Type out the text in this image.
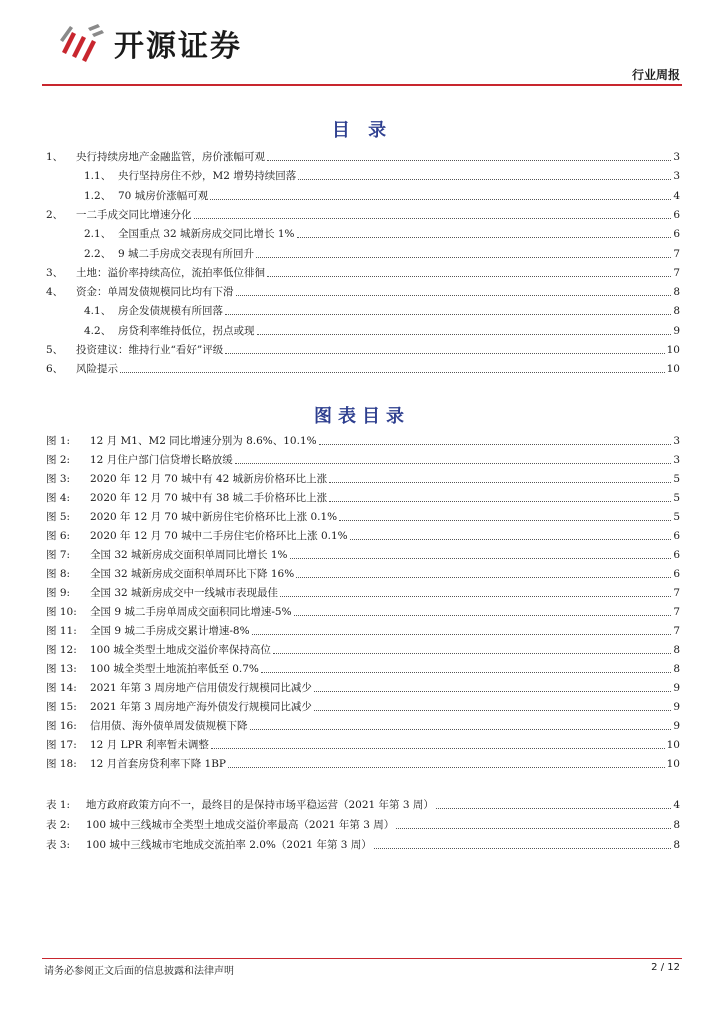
开源证券
行业周报
目 录
1、	央行持续房地产金融监管，房价涨幅可观	3
1.1、 央行坚持房住不炒，M2 增势持续回落	3
1.2、 70 城房价涨幅可观	4
2、	一二手成交同比增速分化	6
2.1、 全国重点 32 城新房成交同比增长 1%	6
2.2、 9 城二手房成交表现有所回升	7
3、	土地：溢价率持续高位，流拍率低位徘徊	7
4、	资金：单周发债规模同比均有下滑	8
4.1、 房企发债规模有所回落	8
4.2、 房贷利率维持低位，拐点或现	9
5、	投资建议：维持行业“看好”评级	10
6、	风险提示	10
图表目录
图 1:	12 月 M1、M2 同比增速分别为 8.6%、10.1%	3
图 2:	12 月住户部门信贷增长略放缓	3
图 3:	2020 年 12 月 70 城中有 42 城新房价格环比上涨	5
图 4:	2020 年 12 月 70 城中有 38 城二手价格环比上涨	5
图 5:	2020 年 12 月 70 城中新房住宅价格环比上涨 0.1%	5
图 6:	2020 年 12 月 70 城中二手房住宅价格环比上涨 0.1%	6
图 7:	全国 32 城新房成交面积单周同比增长 1%	6
图 8:	全国 32 城新房成交面积单周环比下降 16%	6
图 9:	全国 32 城新房成交中一线城市表现最佳	7
图 10:	全国 9 城二手房单周成交面积同比增速-5%	7
图 11:	全国 9 城二手房成交累计增速-8%	7
图 12:	100 城全类型土地成交溢价率保持高位	8
图 13:	100 城全类型土地流拍率低至 0.7%	8
图 14:	2021 年第 3 周房地产信用债发行规模同比减少	9
图 15:	2021 年第 3 周房地产海外债发行规模同比减少	9
图 16:	信用债、海外债单周发债规模下降	9
图 17:	12 月 LPR 利率暂未调整	10
图 18:	12 月首套房贷利率下降 1BP	10
表 1:	地方政府政策方向不一，最终目的是保持市场平稳运营（2021 年第 3 周）	4
表 2:	100 城中三线城市全类型土地成交溢价率最高（2021 年第 3 周）	8
表 3:	100 城中三线城市宅地成交流拍率 2.0%（2021 年第 3 周）	8
请务必参阅正文后面的信息披露和法律声明	2 / 12
